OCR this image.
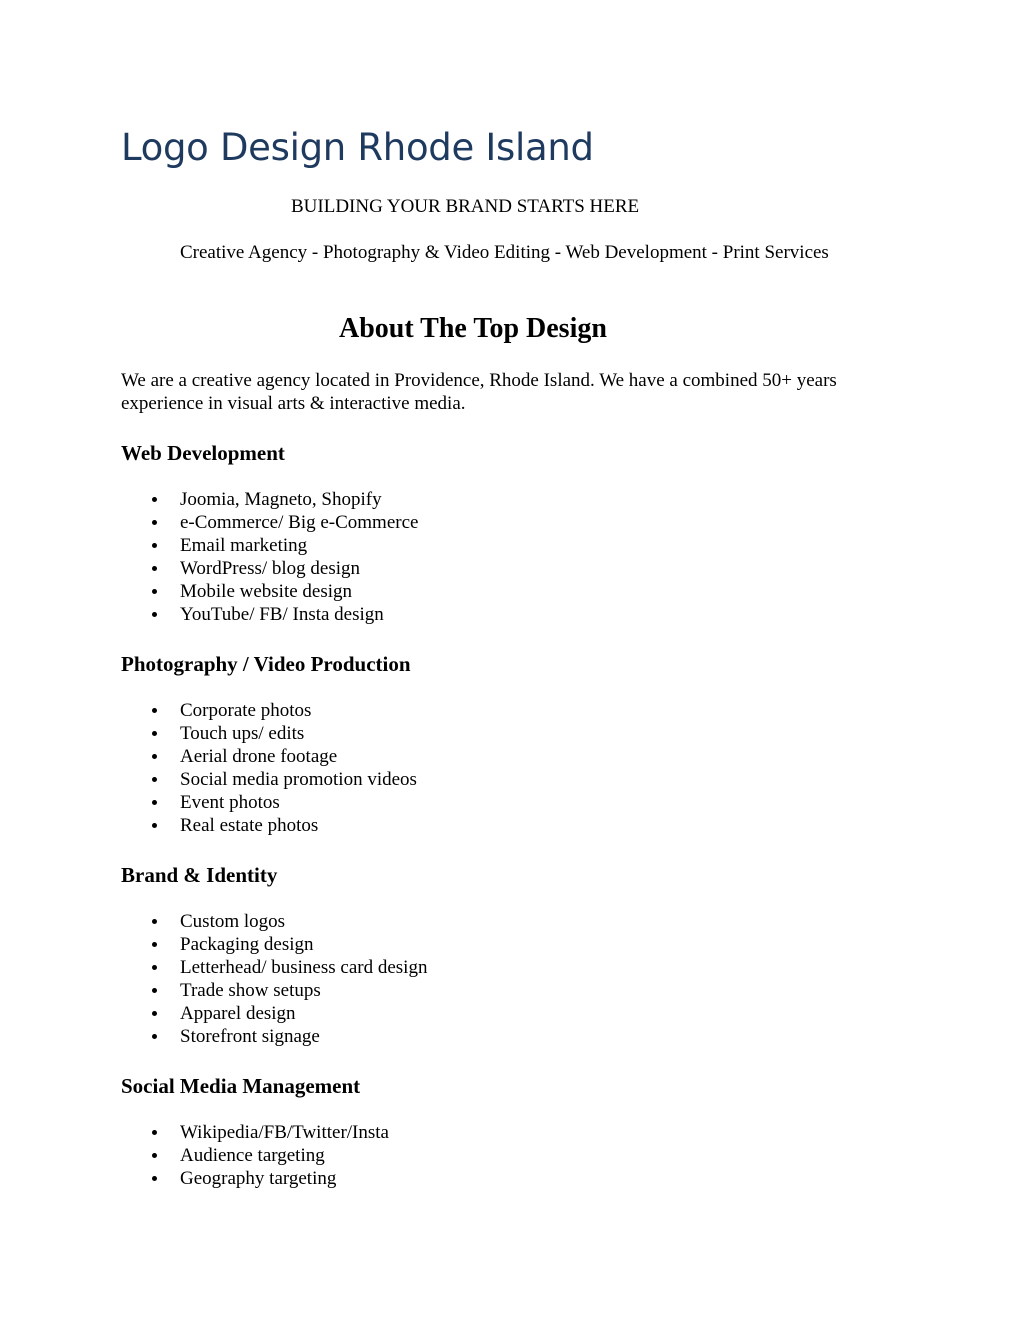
Logo Design Rhode Island
BUILDING YOUR BRAND STARTS HERE
Creative Agency - Photography & Video Editing - Web Development - Print Services
About The Top Design

We are a creative agency located in Providence, Rhode Island. We have a combined 50+ years experience in visual arts & interactive media.

Web Development
Joomia, Magneto, Shopify
e-Commerce/ Big e-Commerce
Email marketing
WordPress/ blog design
Mobile website design
YouTube/ FB/ Insta design
Photography / Video Production
Corporate photos
Touch ups/ edits
Aerial drone footage
Social media promotion videos
Event photos
Real estate photos
Brand & Identity
Custom logos
Packaging design
Letterhead/ business card design
Trade show setups
Apparel design
Storefront signage
Social Media Management
Wikipedia/FB/Twitter/Insta
Audience targeting
Geography targeting
